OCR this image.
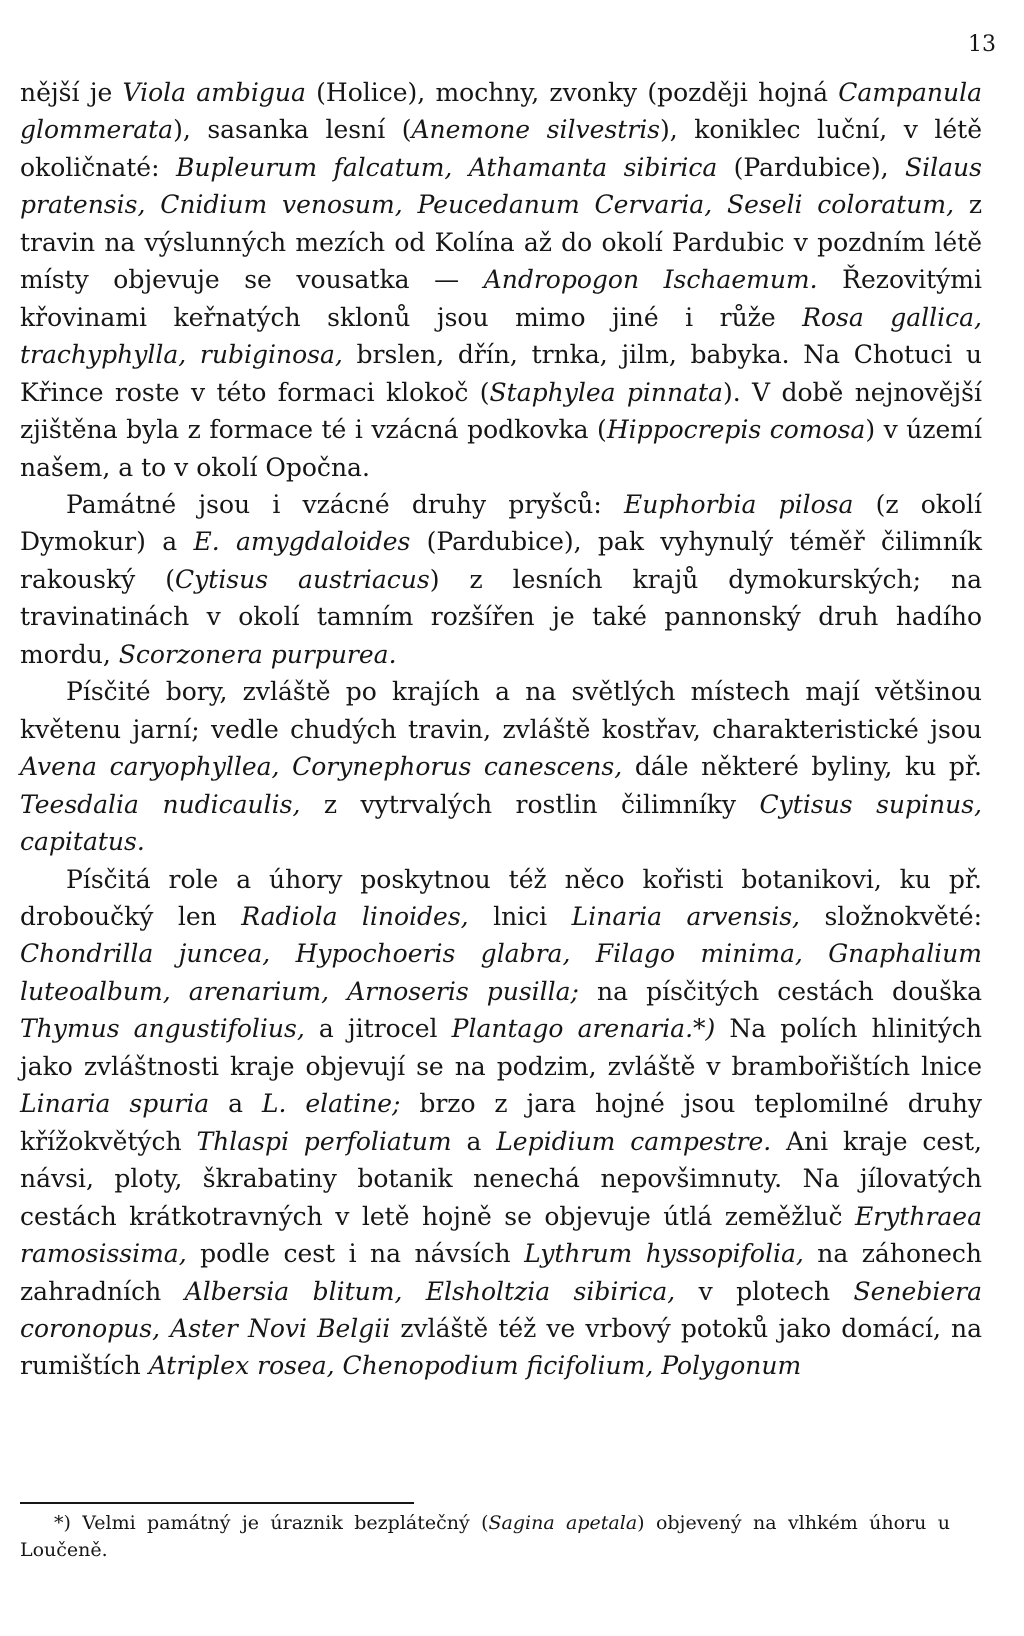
13

nější je Viola ambigua (Holice), mochny, zvonky (později hojná Campanula glommerata), sasanka lesní (Anemone silvestris), koniklec luční, v létě okoličnaté: Bupleurum falcatum, Athamanta sibirica (Pardubice), Silaus pratensis, Cnidium venosum, Peucedanum Cervaria, Seseli coloratum, z travin na výslunných mezích od Kolína až do okolí Pardubic v pozdním létě místy objevuje se vousatka — Andropogon Ischaemum. Řezovitými křovinami keřnatých sklonů jsou mimo jiné i růže Rosa gallica, trachyphylla, rubiginosa, brslen, dřín, trnka, jilm, babyka. Na Chotuci u Křince roste v této formaci klokoč (Staphylea pinnata). V době nejnovější zjištěna byla z formace té i vzácná podkovka (Hippocrepis comosa) v území našem, a to v okolí Opočna.

Památné jsou i vzácné druhy pryšců: Euphorbia pilosa (z okolí Dymokur) a E. amygdaloides (Pardubice), pak vyhynulý téměř čilimník rakouský (Cytisus austriacus) z lesních krajů dymokurských; na travinatinách v okolí tamním rozšířen je také pannonský druh hadího mordu, Scorzonera purpurea.

Písčité bory, zvláště po krajích a na světlých místech mají většinou květenu jarní; vedle chudých travin, zvláště kostřav, charakteristické jsou Avena caryophyllea, Corynephorus canescens, dále některé byliny, ku př. Teesdalia nudicaulis, z vytrvalých rostlin čilimníky Cytisus supinus, capitatus.

Písčitá role a úhory poskytnou též něco kořisti botanikovi, ku př. droboučký len Radiola linoides, lnici Linaria arvensis, složnokvěté: Chondrilla juncea, Hypochoeris glabra, Filago minima, Gnaphalium luteoalbum, arenarium, Arnoseris pusilla; na písčitých cestách douška Thymus angustifolius, a jitrocel Plantago arenaria.*) Na polích hlinitých jako zvláštnosti kraje objevují se na podzim, zvláště v brambořištích lnice Linaria spuria a L. elatine; brzo z jara hojné jsou teplomilné druhy křížokvětých Thlaspi perfoliatum a Lepidium campestre. Ani kraje cest, návsi, ploty, škrabatiny botanik nenechá nepovšimnuty. Na jílovatých cestách krátkotravných v letě hojně se objevuje útlá zeměžluč Erythraea ramosissima, podle cest i na návsích Lythrum hyssopifolia, na záhonech zahradních Albersia blitum, Elsholtzia sibirica, v plotech Senebiera coronopus, Aster Novi Belgii zvláště též ve vrbový potoků jako domácí, na rumištích Atriplex rosea, Chenopodium ficifolium, Polygonum

*) Velmi památný je úraznik bezplátečný (Sagina apetala) objevený na vlhkém úhoru u Loučeně.
